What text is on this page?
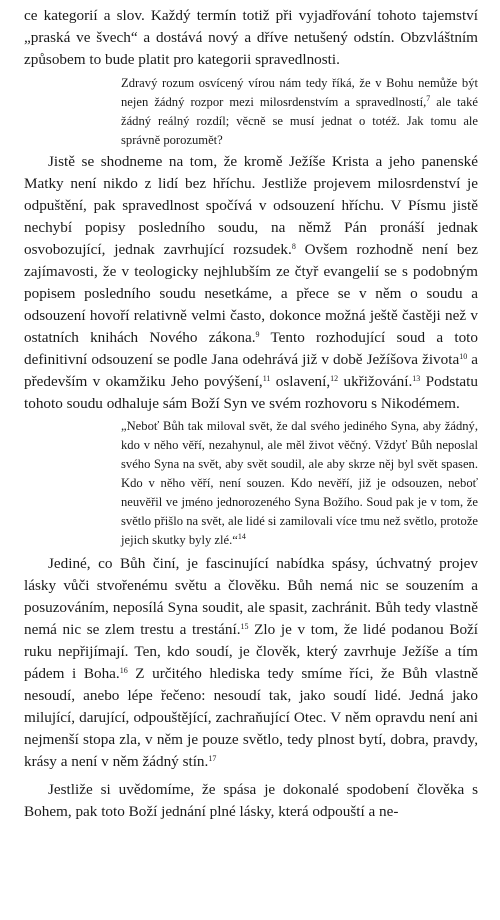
ce kategorií a slov. Každý termín totiž při vyjadřování tohoto tajemství „praská ve švech“ a dostává nový a dříve netušený odstín. Obzvláštním způsobem to bude platit pro kategorii spravedlnosti.

Zdravý rozum osvícený vírou nám tedy říká, že v Bohu nemůže být nejen žádný rozpor mezi milosrdenstvím a spravedlností,$^7$ ale také žádný reálný rozdíl; věcně se musí jednat o totéž. Jak tomu ale správně porozumět?

Jistě se shodneme na tom, že kromě Ježíše Krista a jeho panenské Matky není nikdo z lidí bez hříchu. Jestliže projevem milosrdenství je odpuštění, pak spravedlnost spočívá v odsouzení hříchu. V Písmu jistě nechybí popisy posledního soudu, na němž Pán pronáší jednak osvobozující, jednak zavrhující rozsudek.$^8$ Ovšem rozhodně není bez zajímavosti, že v teologicky nejhlubším ze čtyř evangelií se s podobným popisem posledního soudu nesetkáme, a přece se v něm o soudu a odsouzení hovoří relativně velmi často, dokonce možná ještě častěji než v ostatních knihách Nového zákona.$^9$ Tento rozhodující soud a toto definitivní odsouzení se podle Jana odehrává již v době Ježíšova života$^{10}$ a především v okamžiku Jeho povýšení,$^{11}$ oslavení,$^{12}$ ukřižování.$^{13}$ Podstatu tohoto soudu odhaluje sám Boží Syn ve svém rozhovoru s Nikodémem.

„Neboť Bůh tak miloval svět, že dal svého jediného Syna, aby žádný, kdo v něho věří, nezahynul, ale měl život věčný. Vždyť Bůh neposlal svého Syna na svět, aby svět soudil, ale aby skrze něj byl svět spasen. Kdo v něho věří, není souzen. Kdo nevěří, již je odsouzen, neboť neuvěřil ve jméno jednorozeného Syna Božího. Soud pak je v tom, že světlo přišlo na svět, ale lidé si zamilovali více tmu než světlo, protože jejich skutky byly zlé.“$^{14}$

Jediné, co Bůh činí, je fascinující nabídka spásy, úchvatný projev lásky vůči stvořenému světu a člověku. Bůh nemá nic se souzením a posuzováním, neposílá Syna soudit, ale spasit, zachránit. Bůh tedy vlastně nemá nic se zlem trestu a trestání.$^{15}$ Zlo je v tom, že lidé podanou Boží ruku nepřijímají. Ten, kdo soudí, je člověk, který zavrhuje Ježíše a tím pádem i Boha.$^{16}$ Z určitého hlediska tedy smíme říci, že Bůh vlastně nesoudí, anebo lépe řečeno: nesoudí tak, jako soudí lidé. Jedná jako milující, darující, odpouštějící, zachraňující Otec. V něm opravdu není ani nejmenší stopa zla, v něm je pouze světlo, tedy plnost bytí, dobra, pravdy, krásy a není v něm žádný stín.$^{17}$

Jestliže si uvědomíme, že spása je dokonalé spodobení člověka s Bohem, pak toto Boží jednání plné lásky, která odpouští a ne-
